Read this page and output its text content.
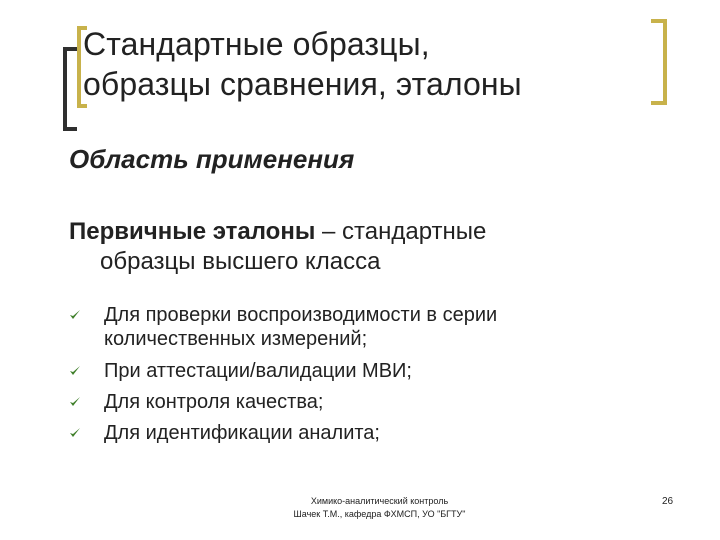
Стандартные образцы,
образцы сравнения, эталоны
Область применения
Первичные эталоны – стандартные
образцы высшего класса
Для проверки воспроизводимости в серии
количественных измерений;
При аттестации/валидации МВИ;
Для контроля качества;
Для идентификации аналита;
Химико-аналитический контроль
Шачек Т.М., кафедра ФХМСП, УО "БГТУ"
26
